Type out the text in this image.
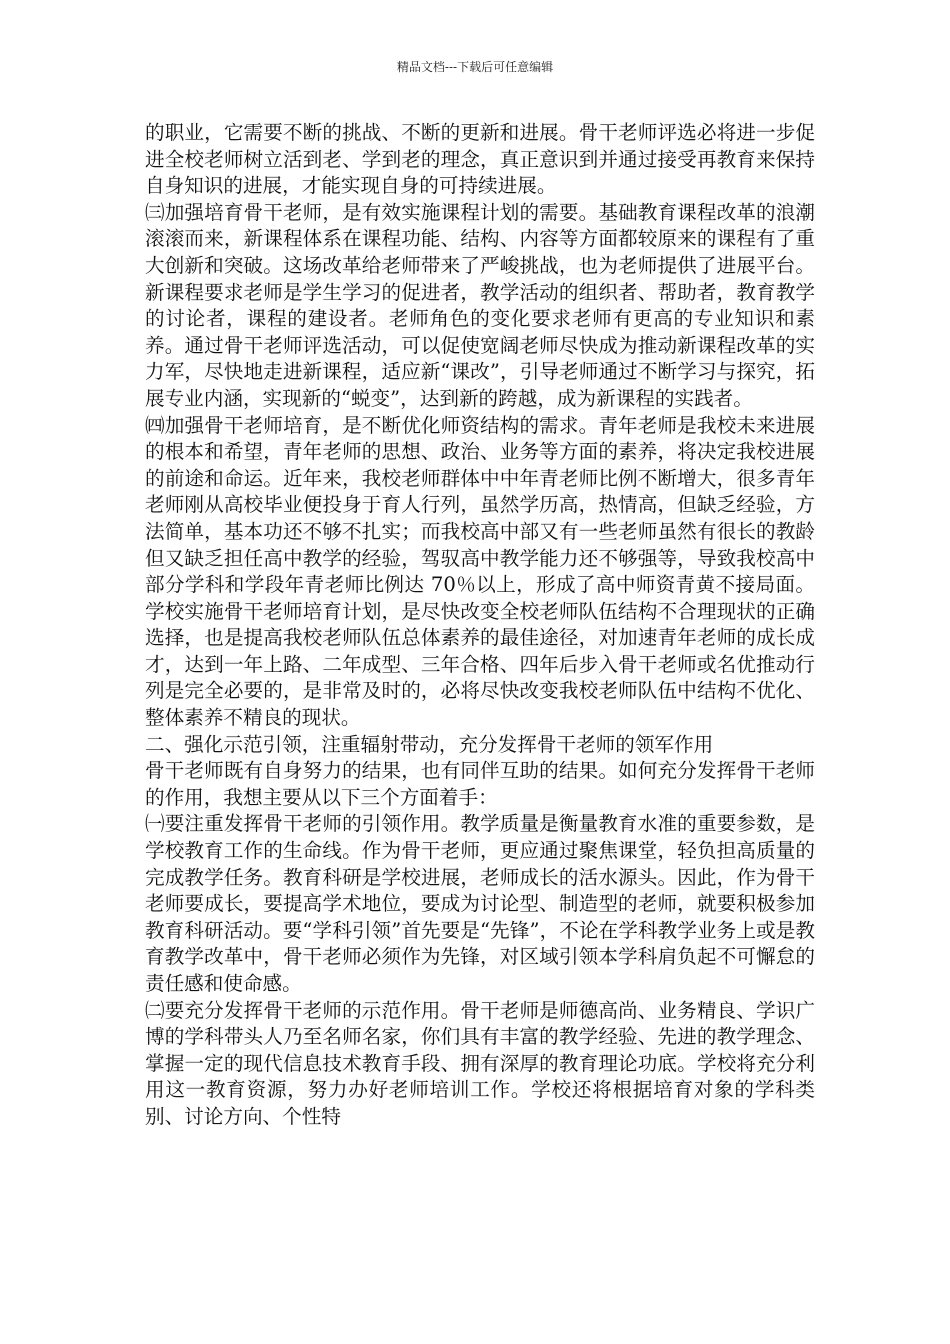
精品文档---下载后可任意编辑

的职业，它需要不断的挑战、不断的更新和进展。骨干老师评选必将进一步促进全校老师树立活到老、学到老的理念，真正意识到并通过接受再教育来保持自身知识的进展，才能实现自身的可持续进展。

㈢加强培育骨干老师，是有效实施课程计划的需要。基础教育课程改革的浪潮滚滚而来，新课程体系在课程功能、结构、内容等方面都较原来的课程有了重大创新和突破。这场改革给老师带来了严峻挑战，也为老师提供了进展平台。新课程要求老师是学生学习的促进者，教学活动的组织者、帮助者，教育教学的讨论者，课程的建设者。老师角色的变化要求老师有更高的专业知识和素养。通过骨干老师评选活动，可以促使宽阔老师尽快成为推动新课程改革的实力军，尽快地走进新课程，适应新“课改”，引导老师通过不断学习与探究，拓展专业内涵，实现新的“蜕变”，达到新的跨越，成为新课程的实践者。

㈣加强骨干老师培育，是不断优化师资结构的需求。青年老师是我校未来进展的根本和希望，青年老师的思想、政治、业务等方面的素养，将决定我校进展的前途和命运。近年来，我校老师群体中中年青老师比例不断增大，很多青年老师刚从高校毕业便投身于育人行列，虽然学历高，热情高，但缺乏经验，方法简单，基本功还不够不扎实；而我校高中部又有一些老师虽然有很长的教龄但又缺乏担任高中教学的经验，驾驭高中教学能力还不够强等，导致我校高中部分学科和学段年青老师比例达 70％以上，形成了高中师资青黄不接局面。学校实施骨干老师培育计划，是尽快改变全校老师队伍结构不合理现状的正确选择，也是提高我校老师队伍总体素养的最佳途径，对加速青年老师的成长成才，达到一年上路、二年成型、三年合格、四年后步入骨干老师或名优推动行列是完全必要的，是非常及时的，必将尽快改变我校老师队伍中结构不优化、整体素养不精良的现状。

二、强化示范引领，注重辐射带动，充分发挥骨干老师的领军作用

骨干老师既有自身努力的结果，也有同伴互助的结果。如何充分发挥骨干老师的作用，我想主要从以下三个方面着手：

㈠要注重发挥骨干老师的引领作用。教学质量是衡量教育水准的重要参数，是学校教育工作的生命线。作为骨干老师，更应通过聚焦课堂，轻负担高质量的完成教学任务。教育科研是学校进展，老师成长的活水源头。因此，作为骨干老师要成长，要提高学术地位，要成为讨论型、制造型的老师，就要积极参加教育科研活动。要“学科引领”首先要是“先锋”，不论在学科教学业务上或是教育教学改革中，骨干老师必须作为先锋，对区域引领本学科肩负起不可懈怠的责任感和使命感。

㈡要充分发挥骨干老师的示范作用。骨干老师是师德高尚、业务精良、学识广博的学科带头人乃至名师名家，你们具有丰富的教学经验、先进的教学理念、掌握一定的现代信息技术教育手段、拥有深厚的教育理论功底。学校将充分利用这一教育资源，努力办好老师培训工作。学校还将根据培育对象的学科类别、讨论方向、个性特
